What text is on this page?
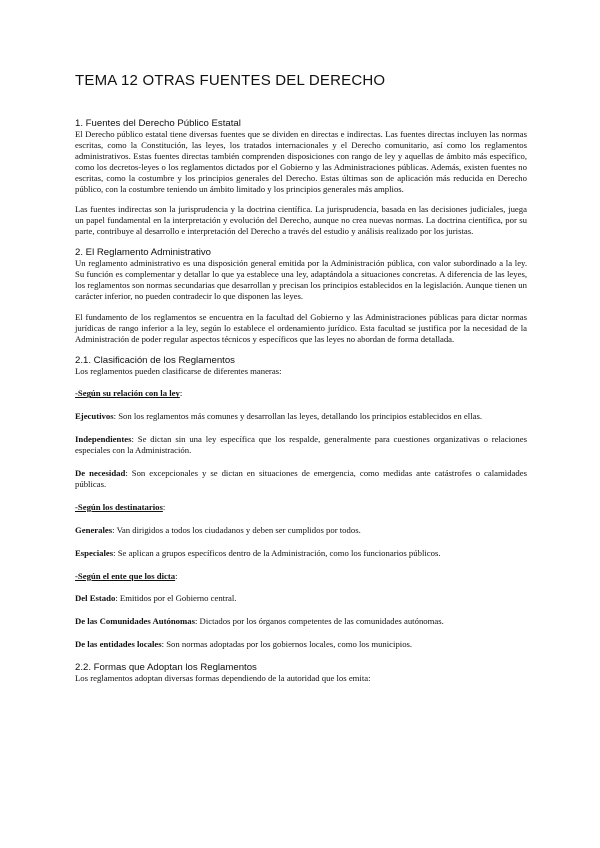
TEMA 12 OTRAS FUENTES DEL DERECHO
1. Fuentes del Derecho Público Estatal

El Derecho público estatal tiene diversas fuentes que se dividen en directas e indirectas. Las fuentes directas incluyen las normas escritas, como la Constitución, las leyes, los tratados internacionales y el Derecho comunitario, así como los reglamentos administrativos. Estas fuentes directas también comprenden disposiciones con rango de ley y aquellas de ámbito más específico, como los decretos-leyes o los reglamentos dictados por el Gobierno y las Administraciones públicas. Además, existen fuentes no escritas, como la costumbre y los principios generales del Derecho. Estas últimas son de aplicación más reducida en Derecho público, con la costumbre teniendo un ámbito limitado y los principios generales más amplios.

Las fuentes indirectas son la jurisprudencia y la doctrina científica. La jurisprudencia, basada en las decisiones judiciales, juega un papel fundamental en la interpretación y evolución del Derecho, aunque no crea nuevas normas. La doctrina científica, por su parte, contribuye al desarrollo e interpretación del Derecho a través del estudio y análisis realizado por los juristas.

2. El Reglamento Administrativo

Un reglamento administrativo es una disposición general emitida por la Administración pública, con valor subordinado a la ley. Su función es complementar y detallar lo que ya establece una ley, adaptándola a situaciones concretas. A diferencia de las leyes, los reglamentos son normas secundarias que desarrollan y precisan los principios establecidos en la legislación. Aunque tienen un carácter inferior, no pueden contradecir lo que disponen las leyes.

El fundamento de los reglamentos se encuentra en la facultad del Gobierno y las Administraciones públicas para dictar normas jurídicas de rango inferior a la ley, según lo establece el ordenamiento jurídico. Esta facultad se justifica por la necesidad de la Administración de poder regular aspectos técnicos y específicos que las leyes no abordan de forma detallada.

2.1. Clasificación de los Reglamentos

Los reglamentos pueden clasificarse de diferentes maneras:

-Según su relación con la ley:

Ejecutivos: Son los reglamentos más comunes y desarrollan las leyes, detallando los principios establecidos en ellas.

Independientes: Se dictan sin una ley específica que los respalde, generalmente para cuestiones organizativas o relaciones especiales con la Administración.

De necesidad: Son excepcionales y se dictan en situaciones de emergencia, como medidas ante catástrofes o calamidades públicas.

-Según los destinatarios:

Generales: Van dirigidos a todos los ciudadanos y deben ser cumplidos por todos.

Especiales: Se aplican a grupos específicos dentro de la Administración, como los funcionarios públicos.

-Según el ente que los dicta:

Del Estado: Emitidos por el Gobierno central.

De las Comunidades Autónomas: Dictados por los órganos competentes de las comunidades autónomas.

De las entidades locales: Son normas adoptadas por los gobiernos locales, como los municipios.

2.2. Formas que Adoptan los Reglamentos

Los reglamentos adoptan diversas formas dependiendo de la autoridad que los emita:
